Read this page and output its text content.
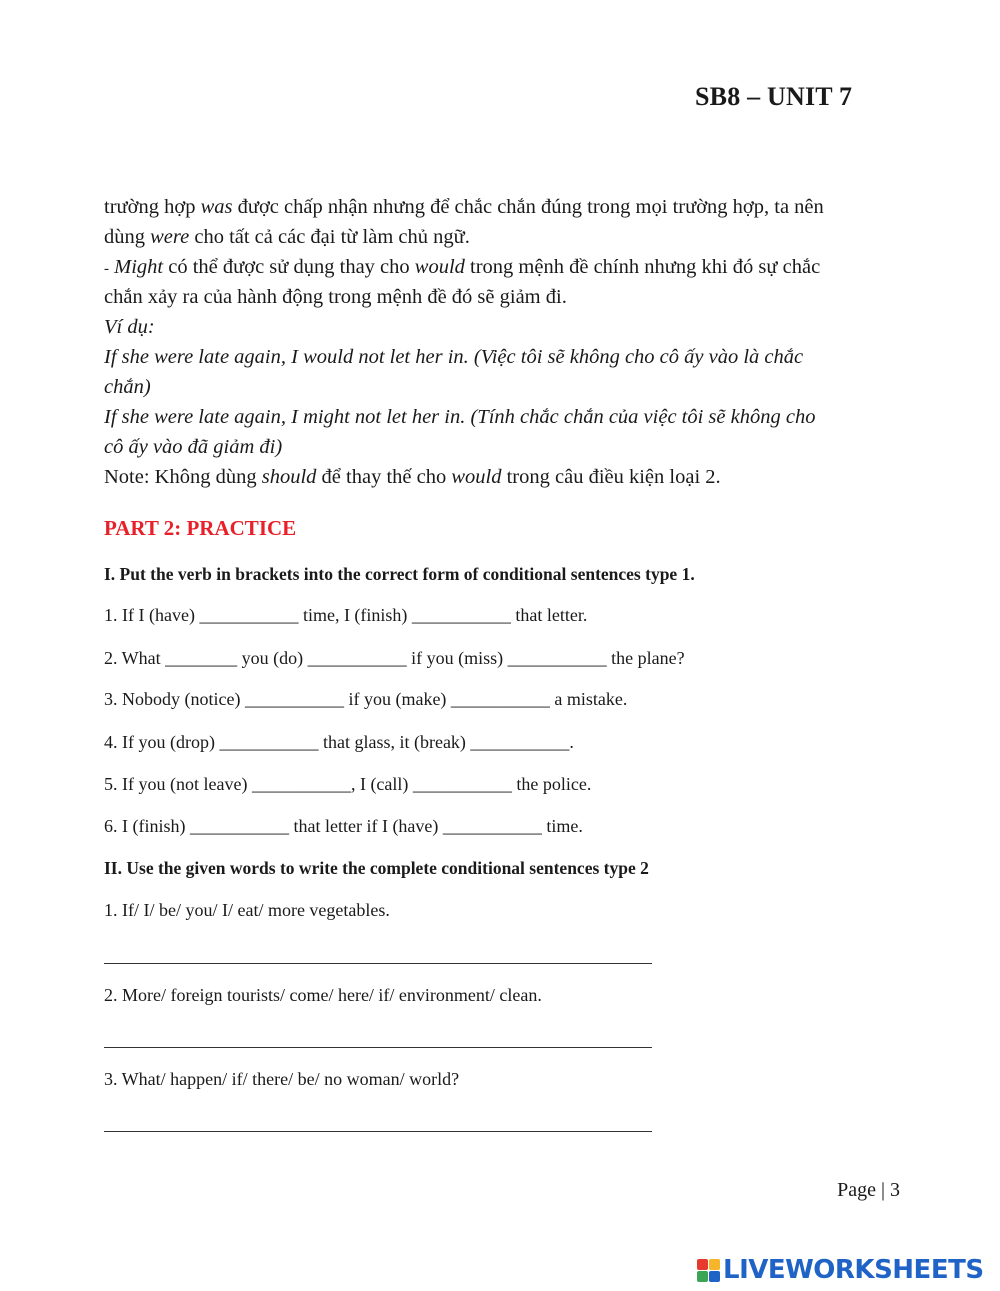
SB8 – UNIT 7
trường hợp was được chấp nhận nhưng để chắc chắn đúng trong mọi trường hợp, ta nên
dùng were cho tất cả các đại từ làm chủ ngữ.
- Might có thể được sử dụng thay cho would trong mệnh đề chính nhưng khi đó sự chắc
chắn xảy ra của hành động trong mệnh đề đó sẽ giảm đi.
Ví dụ:
If she were late again, I would not let her in. (Việc tôi sẽ không cho cô ấy vào là chắc
chắn)
If she were late again, I might not let her in. (Tính chắc chắn của việc tôi sẽ không cho
cô ấy vào đã giảm đi)
Note: Không dùng should để thay thế cho would trong câu điều kiện loại 2.
PART 2: PRACTICE
I. Put the verb in brackets into the correct form of conditional sentences type 1.
1. If I (have) ___________ time, I (finish) ___________ that letter.
2. What ________ you (do) ___________ if you (miss) ___________ the plane?
3. Nobody (notice) ___________ if you (make) ___________ a mistake.
4. If you (drop) ___________ that glass, it (break) ___________.
5. If you (not leave) ___________, I (call) ___________ the police.
6. I (finish) ___________ that letter if I (have) ___________ time.
II. Use the given words to write the complete conditional sentences type 2
1. If/ I/ be/ you/ I/ eat/ more vegetables.
2. More/ foreign tourists/ come/ here/ if/ environment/ clean.
3. What/ happen/ if/ there/ be/ no woman/ world?
Page | 3
LIVEWORKSHEETS
